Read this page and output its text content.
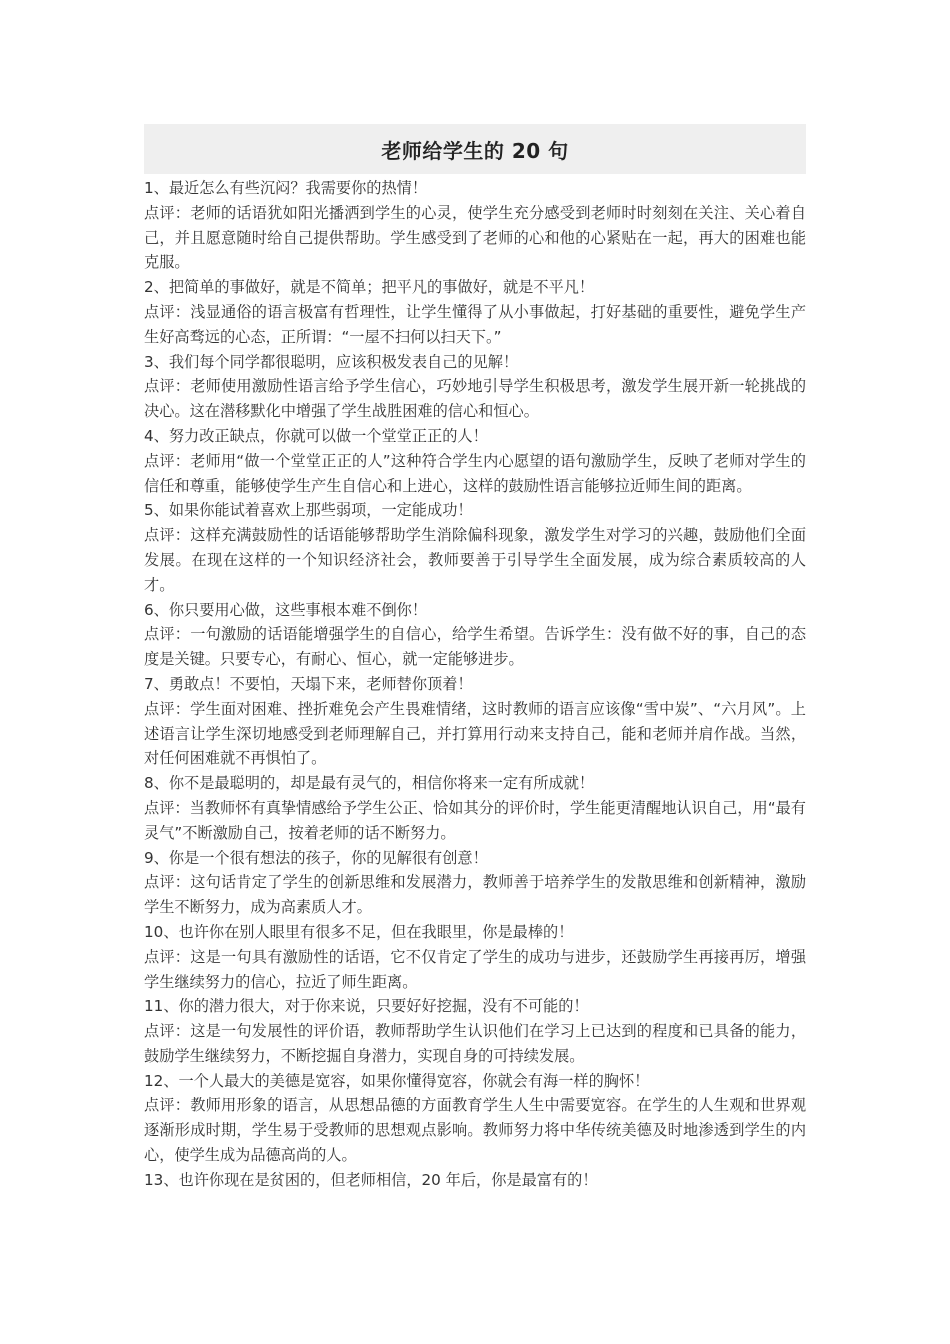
老师给学生的 20 句

1、最近怎么有些沉闷？我需要你的热情！

点评：老师的话语犹如阳光播洒到学生的心灵，使学生充分感受到老师时时刻刻在关注、关心着自己，并且愿意随时给自己提供帮助。学生感受到了老师的心和他的心紧贴在一起，再大的困难也能克服。

2、把简单的事做好，就是不简单；把平凡的事做好，就是不平凡！

点评：浅显通俗的语言极富有哲理性，让学生懂得了从小事做起，打好基础的重要性，避免学生产生好高骛远的心态，正所谓：“一屋不扫何以扫天下。”

3、我们每个同学都很聪明，应该积极发表自己的见解！

点评：老师使用激励性语言给予学生信心，巧妙地引导学生积极思考，激发学生展开新一轮挑战的决心。这在潜移默化中增强了学生战胜困难的信心和恒心。

4、努力改正缺点，你就可以做一个堂堂正正的人！

点评：老师用“做一个堂堂正正的人”这种符合学生内心愿望的语句激励学生，反映了老师对学生的信任和尊重，能够使学生产生自信心和上进心，这样的鼓励性语言能够拉近师生间的距离。

5、如果你能试着喜欢上那些弱项，一定能成功！

点评：这样充满鼓励性的话语能够帮助学生消除偏科现象，激发学生对学习的兴趣，鼓励他们全面发展。在现在这样的一个知识经济社会，教师要善于引导学生全面发展，成为综合素质较高的人才。

6、你只要用心做，这些事根本难不倒你！

点评：一句激励的话语能增强学生的自信心，给学生希望。告诉学生：没有做不好的事，自己的态度是关键。只要专心，有耐心、恒心，就一定能够进步。

7、勇敢点！不要怕，天塌下来，老师替你顶着！

点评：学生面对困难、挫折难免会产生畏难情绪，这时教师的语言应该像“雪中炭”、“六月风”。上述语言让学生深切地感受到老师理解自己，并打算用行动来支持自己，能和老师并肩作战。当然，对任何困难就不再惧怕了。

8、你不是最聪明的，却是最有灵气的，相信你将来一定有所成就！

点评：当教师怀有真挚情感给予学生公正、恰如其分的评价时，学生能更清醒地认识自己，用“最有灵气”不断激励自己，按着老师的话不断努力。

9、你是一个很有想法的孩子，你的见解很有创意！

点评：这句话肯定了学生的创新思维和发展潜力，教师善于培养学生的发散思维和创新精神，激励学生不断努力，成为高素质人才。

10、也许你在别人眼里有很多不足，但在我眼里，你是最棒的！

点评：这是一句具有激励性的话语，它不仅肯定了学生的成功与进步，还鼓励学生再接再厉，增强学生继续努力的信心，拉近了师生距离。

11、你的潜力很大，对于你来说，只要好好挖掘，没有不可能的！

点评：这是一句发展性的评价语，教师帮助学生认识他们在学习上已达到的程度和已具备的能力，鼓励学生继续努力，不断挖掘自身潜力，实现自身的可持续发展。

12、一个人最大的美德是宽容，如果你懂得宽容，你就会有海一样的胸怀！

点评：教师用形象的语言，从思想品德的方面教育学生人生中需要宽容。在学生的人生观和世界观逐渐形成时期，学生易于受教师的思想观点影响。教师努力将中华传统美德及时地渗透到学生的内心，使学生成为品德高尚的人。

13、也许你现在是贫困的，但老师相信，20 年后，你是最富有的！
